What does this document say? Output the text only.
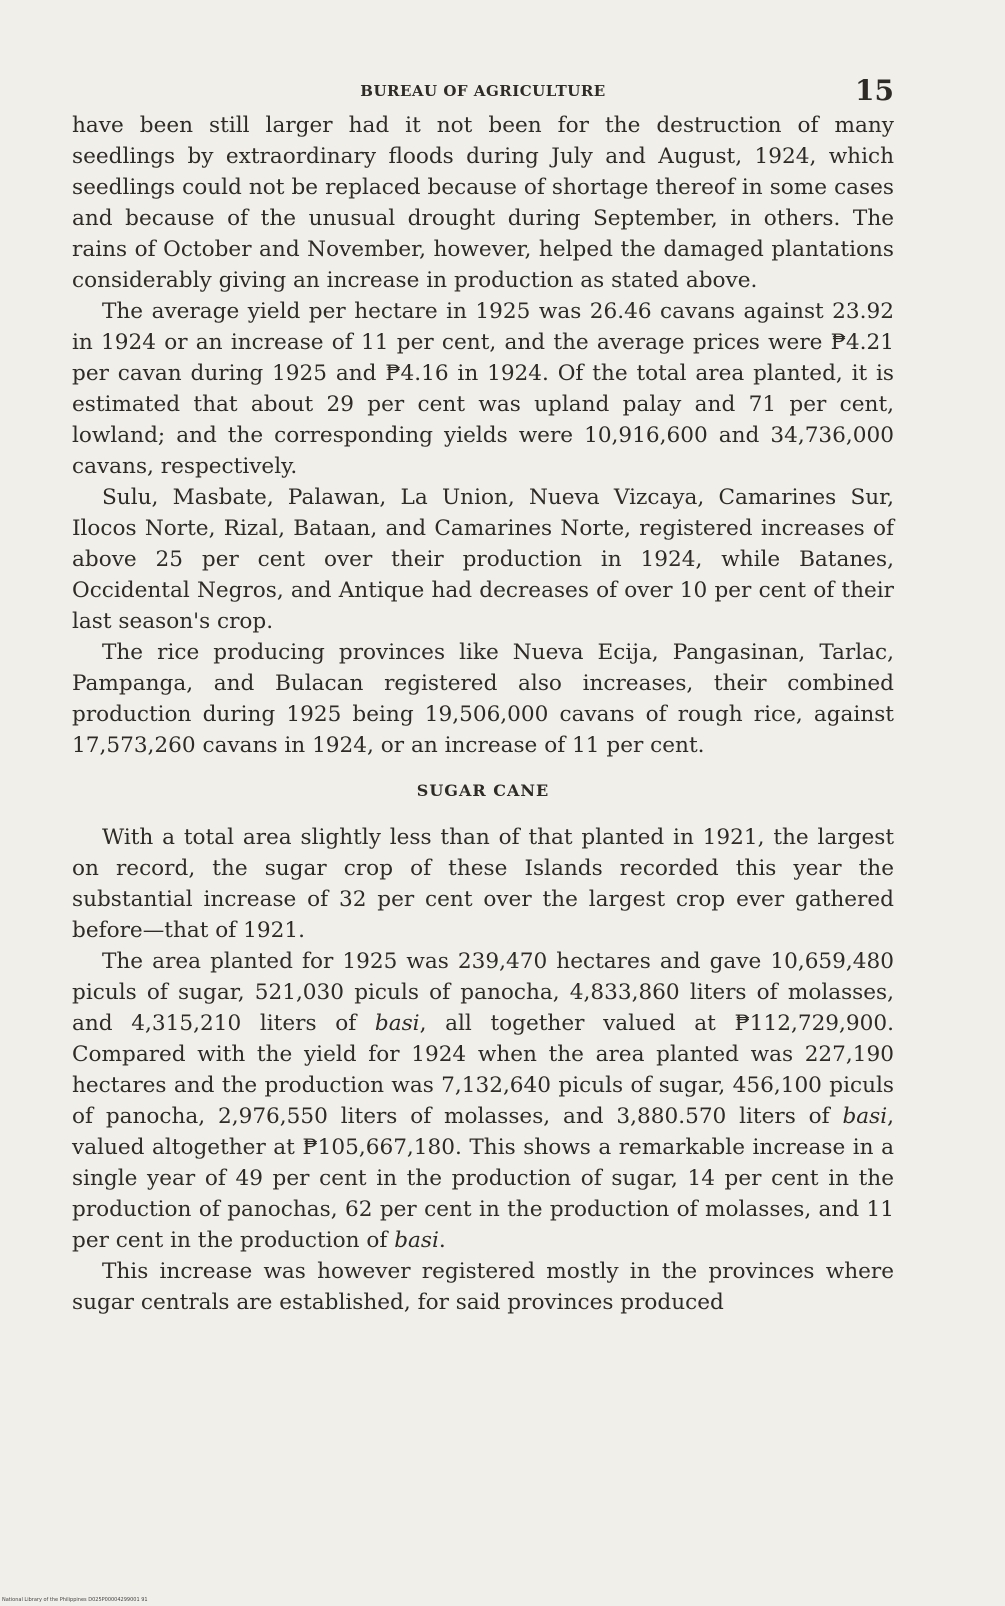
BUREAU OF AGRICULTURE	15

have been still larger had it not been for the destruction of many seedlings by extraordinary floods during July and August, 1924, which seedlings could not be replaced because of shortage thereof in some cases and because of the unusual drought during September, in others. The rains of October and November, however, helped the damaged plantations considerably giving an increase in production as stated above.

The average yield per hectare in 1925 was 26.46 cavans against 23.92 in 1924 or an increase of 11 per cent, and the average prices were ₱4.21 per cavan during 1925 and ₱4.16 in 1924. Of the total area planted, it is estimated that about 29 per cent was upland palay and 71 per cent, lowland; and the corresponding yields were 10,916,600 and 34,736,000 cavans, respectively.

Sulu, Masbate, Palawan, La Union, Nueva Vizcaya, Camarines Sur, Ilocos Norte, Rizal, Bataan, and Camarines Norte, registered increases of above 25 per cent over their production in 1924, while Batanes, Occidental Negros, and Antique had decreases of over 10 per cent of their last season's crop.

The rice producing provinces like Nueva Ecija, Pangasinan, Tarlac, Pampanga, and Bulacan registered also increases, their combined production during 1925 being 19,506,000 cavans of rough rice, against 17,573,260 cavans in 1924, or an increase of 11 per cent.

SUGAR CANE

With a total area slightly less than of that planted in 1921, the largest on record, the sugar crop of these Islands recorded this year the substantial increase of 32 per cent over the largest crop ever gathered before—that of 1921.

The area planted for 1925 was 239,470 hectares and gave 10,659,480 piculs of sugar, 521,030 piculs of panocha, 4,833,860 liters of molasses, and 4,315,210 liters of basi, all together valued at ₱112,729,900. Compared with the yield for 1924 when the area planted was 227,190 hectares and the production was 7,132,640 piculs of sugar, 456,100 piculs of panocha, 2,976,550 liters of molasses, and 3,880.570 liters of basi, valued altogether at ₱105,667,180. This shows a remarkable increase in a single year of 49 per cent in the production of sugar, 14 per cent in the production of panochas, 62 per cent in the production of molasses, and 11 per cent in the production of basi.

This increase was however registered mostly in the provinces where sugar centrals are established, for said provinces produced

National Library of the Philippines D025P00004299001 91
